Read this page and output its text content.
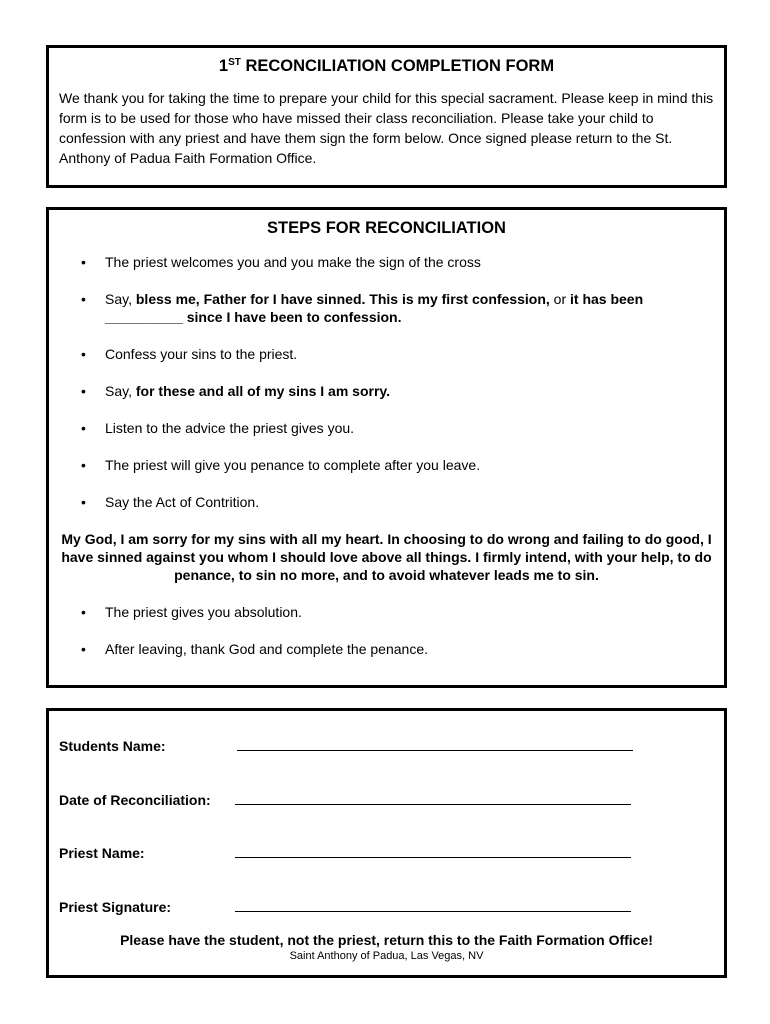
1ST RECONCILIATION COMPLETION FORM

We thank you for taking the time to prepare your child for this special sacrament. Please keep in mind this form is to be used for those who have missed their class reconciliation. Please take your child to confession with any priest and have them sign the form below. Once signed please return to the St. Anthony of Padua Faith Formation Office.

STEPS FOR RECONCILIATION
• The priest welcomes you and you make the sign of the cross
• Say, bless me, Father for I have sinned. This is my first confession, or it has been __________ since I have been to confession.
• Confess your sins to the priest.
• Say, for these and all of my sins I am sorry.
• Listen to the advice the priest gives you.
• The priest will give you penance to complete after you leave.
• Say the Act of Contrition.

My God, I am sorry for my sins with all my heart. In choosing to do wrong and failing to do good, I have sinned against you whom I should love above all things. I firmly intend, with your help, to do penance, to sin no more, and to avoid whatever leads me to sin.

• The priest gives you absolution.
• After leaving, thank God and complete the penance.
Students Name:
Date of Reconciliation:
Priest Name:
Priest Signature:
Please have the student, not the priest, return this to the Faith Formation Office!
Saint Anthony of Padua, Las Vegas, NV
